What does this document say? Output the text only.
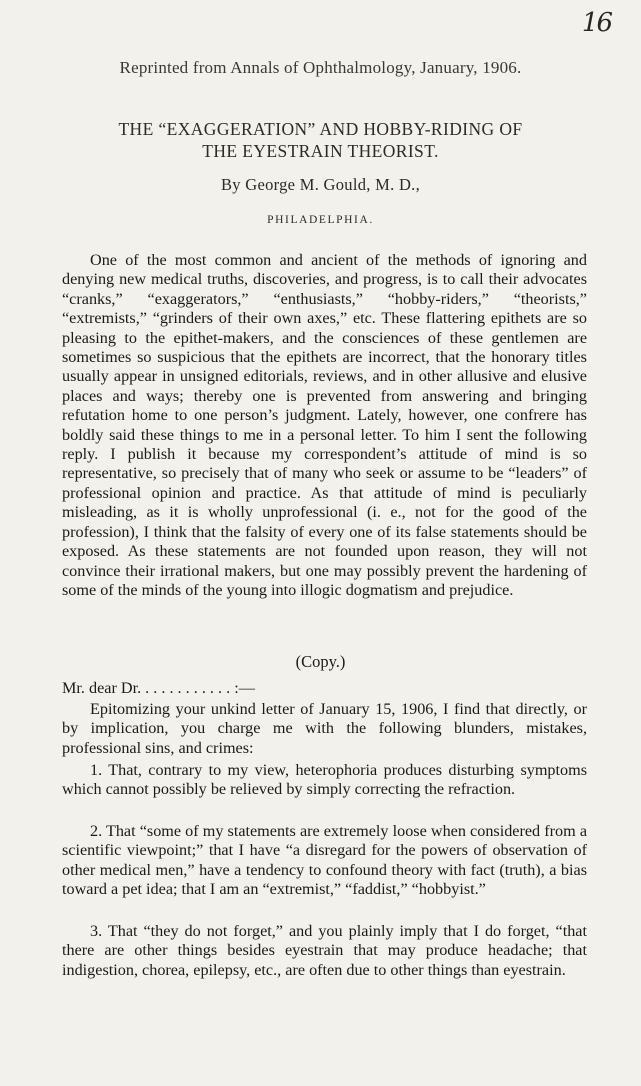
16
Reprinted from Annals of Ophthalmology, January, 1906.
THE “EXAGGERATION” AND HOBBY-RIDING OF
THE EYESTRAIN THEORIST.
By George M. Gould, M. D.,
PHILADELPHIA.

One of the most common and ancient of the methods of ignoring and denying new medical truths, discoveries, and progress, is to call their advocates “cranks,” “exaggerators,” “enthusiasts,” “hobby-riders,” “theorists,” “extremists,” “grinders of their own axes,” etc. These flattering epithets are so pleasing to the epithet-makers, and the consciences of these gentlemen are sometimes so suspicious that the epithets are incorrect, that the honorary titles usually appear in unsigned editorials, reviews, and in other allusive and elusive places and ways; thereby one is prevented from answering and bringing refutation home to one person’s judgment. Lately, however, one confrere has boldly said these things to me in a personal letter. To him I sent the following reply. I publish it because my correspondent’s attitude of mind is so representative, so precisely that of many who seek or assume to be “leaders” of professional opinion and practice. As that attitude of mind is peculiarly misleading, as it is wholly unprofessional (i. e., not for the good of the profession), I think that the falsity of every one of its false statements should be exposed. As these statements are not founded upon reason, they will not convince their irrational makers, but one may possibly prevent the hardening of some of the minds of the young into illogic dogmatism and prejudice.

(Copy.)

Mr. dear Dr. . . . . . . . . . . . :—

Epitomizing your unkind letter of January 15, 1906, I find that directly, or by implication, you charge me with the following blunders, mistakes, professional sins, and crimes:

1. That, contrary to my view, heterophoria produces disturbing symptoms which cannot possibly be relieved by simply correcting the refraction.

2. That “some of my statements are extremely loose when considered from a scientific viewpoint;” that I have “a disregard for the powers of observation of other medical men,” have a tendency to confound theory with fact (truth), a bias toward a pet idea; that I am an “extremist,” “faddist,” “hobbyist.”

3. That “they do not forget,” and you plainly imply that I do forget, “that there are other things besides eyestrain that may produce headache; that indigestion, chorea, epilepsy, etc., are often due to other things than eyestrain.
